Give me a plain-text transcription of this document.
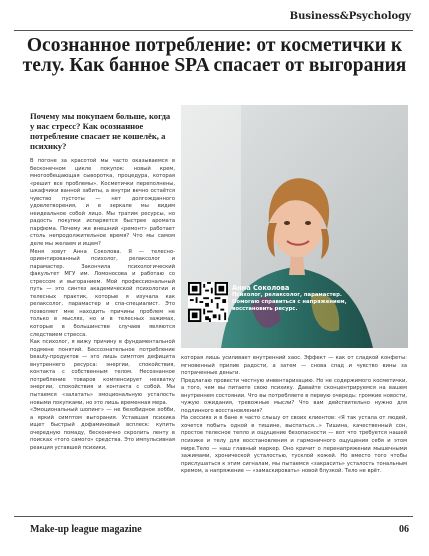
Business&Psychology
Осознанное потребление: от косметички к телу. Как банное SPA спасает от выгорания

Почему мы покупаем больше, когда у нас стресс? Как осознанное потребление спасает не кошелёк, а психику?

В погоне за красотой мы часто оказываемся в бесконечном цикле покупок: новый крем, многообещающая сыворотка, процедура, которая «решит все проблемы». Косметички переполнены, шкафчики ванной забиты, а внутри вечно остаётся чувство пустоты — нет долгожданного удовлетворения, и в зеркале мы видим неидеальное собой лицо. Мы тратим ресурсы, но радость покупки испаряется быстрее аромата парфюма. Почему же внешний «ремонт» работает столь непродолжительное время? Что мы самом деле мы желаем и ищем?

Меня зовут Анна Соколова. Я — телесно-ориентированный психолог, релаксолог и парамастер. Закончила психологический факультет МГУ им. Ломоносова и работаю со стрессом и выгоранием. Мой профессиональный путь — это синтез академической психологии и телесных практик, которые я изучала как релаксолог, парамастер и спа-специалист. Это позволяет мне находить причины проблем не только в мыслях, но и в телесных зажимах, которые в большинстве случаев являются следствием стресса.

Как психолог, я вижу причину в фундаментальной подмене понятий. Бессознательное потребление beauty-продуктов — это лишь симптом дефицита внутреннего ресурса: энергии, спокойствия, контакта с собственным телом. Несознанное потребление товаров компенсирует нехватку энергии, спокойствия и контакта с собой. Мы пытаемся «залатать» эмоциональную усталость новыми покупками, но это лишь временная мера.

«Эмоциональный шопинг» — не безобидное хобби, а яркий симптом выгорания. Уставшая психика ищет быстрый дофаминовый всплеск: купить очередную помаду, бесконечно скролить ленту в поисках «того самого» средства. Это импульсивная реакция уставшей психики,

Анна Соколова
Психолог, релаксолог, парамастер. Помогаю справиться с напряжением, восстановить ресурс.

которая лишь усиливает внутренний хаос. Эффект — как от сладкой конфеты: мгновенный прилив радости, а затем — снова спад и чувство вины за потраченные деньги.

Предлагаю провести честную инвентаризацию. Но не содержимого косметички, а того, чем вы питаете свою психику. Давайте сконцентрируемся на вашем внутреннем состоянии. Что вы потребляете в первую очередь: громкие новости, чужую ожидания, тревожные мысли? Что вам действительно нужно для подлинного восстановления?

На сессиях и в бане я часто слышу от своих клиентов: «Я так устала от людей, хочется побыть одной в тишине, выспаться...» Тишина, качественный сон, простое телесное тепло и ощущение безопасности — вот что требуется нашей психике и телу для восстановления и гармоничного ощущения себя и этом мире.Тело — наш главный маркер. Оно кричит о перенапряжении мышечными зажимами, хронической усталостью, тусклой кожей. Но вместо того чтобы прислушаться к этим сигналам, мы пытаемся «закрасить» усталость тональным кремом, а напряжение — «замаскировать» новой блузкой. Тело не врёт.

Make-up league magazine	06
